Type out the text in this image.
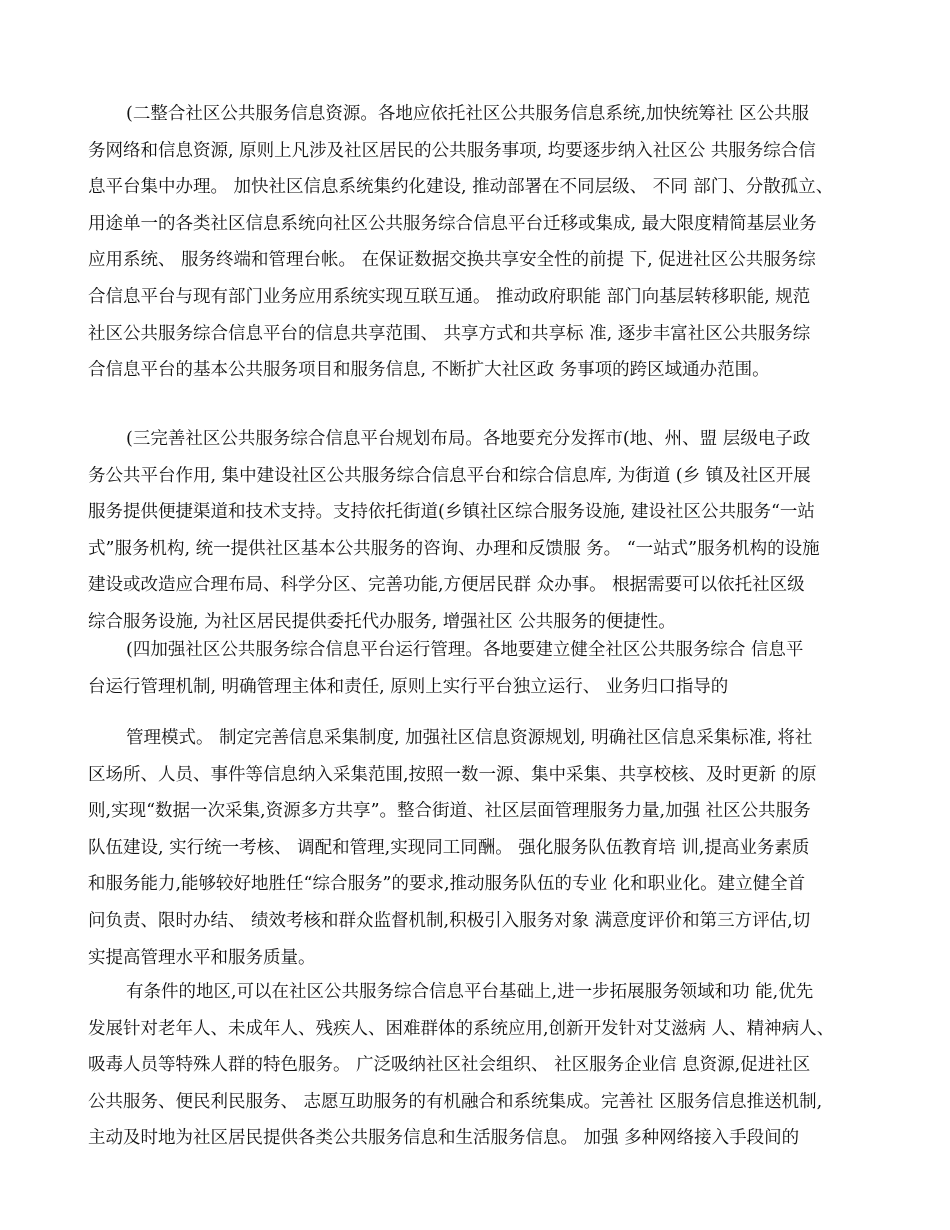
(二整合社区公共服务信息资源。各地应依托社区公共服务信息系统,加快统筹社 区公共服
务网络和信息资源, 原则上凡涉及社区居民的公共服务事项, 均要逐步纳入社区公 共服务综合信
息平台集中办理。 加快社区信息系统集约化建设, 推动部署在不同层级、 不同 部门、分散孤立、
用途单一的各类社区信息系统向社区公共服务综合信息平台迁移或集成, 最大限度精简基层业务
应用系统、 服务终端和管理台帐。 在保证数据交换共享安全性的前提 下, 促进社区公共服务综
合信息平台与现有部门业务应用系统实现互联互通。 推动政府职能 部门向基层转移职能, 规范
社区公共服务综合信息平台的信息共享范围、 共享方式和共享标 准, 逐步丰富社区公共服务综
合信息平台的基本公共服务项目和服务信息, 不断扩大社区政 务事项的跨区域通办范围。
(三完善社区公共服务综合信息平台规划布局。各地要充分发挥市(地、州、盟 层级电子政
务公共平台作用, 集中建设社区公共服务综合信息平台和综合信息库, 为街道 (乡 镇及社区开展
服务提供便捷渠道和技术支持。支持依托街道(乡镇社区综合服务设施, 建设社区公共服务“一站
式”服务机构, 统一提供社区基本公共服务的咨询、办理和反馈服 务。 “一站式”服务机构的设施
建设或改造应合理布局、科学分区、完善功能,方便居民群 众办事。 根据需要可以依托社区级
综合服务设施, 为社区居民提供委托代办服务, 增强社区 公共服务的便捷性。
(四加强社区公共服务综合信息平台运行管理。各地要建立健全社区公共服务综合 信息平
台运行管理机制, 明确管理主体和责任, 原则上实行平台独立运行、 业务归口指导的
管理模式。 制定完善信息采集制度, 加强社区信息资源规划, 明确社区信息采集标准, 将社
区场所、人员、事件等信息纳入采集范围,按照一数一源、集中采集、共享校核、及时更新 的原
则,实现“数据一次采集,资源多方共享”。整合街道、社区层面管理服务力量,加强 社区公共服务
队伍建设, 实行统一考核、 调配和管理,实现同工同酬。 强化服务队伍教育培 训,提高业务素质
和服务能力,能够较好地胜任“综合服务”的要求,推动服务队伍的专业 化和职业化。建立健全首
问负责、限时办结、 绩效考核和群众监督机制,积极引入服务对象 满意度评价和第三方评估,切
实提高管理水平和服务质量。
有条件的地区,可以在社区公共服务综合信息平台基础上,进一步拓展服务领域和功 能,优先
发展针对老年人、未成年人、残疾人、困难群体的系统应用,创新开发针对艾滋病 人、精神病人、
吸毒人员等特殊人群的特色服务。 广泛吸纳社区社会组织、 社区服务企业信 息资源,促进社区
公共服务、便民利民服务、 志愿互助服务的有机融合和系统集成。完善社 区服务信息推送机制,
主动及时地为社区居民提供各类公共服务信息和生活服务信息。 加强 多种网络接入手段间的
